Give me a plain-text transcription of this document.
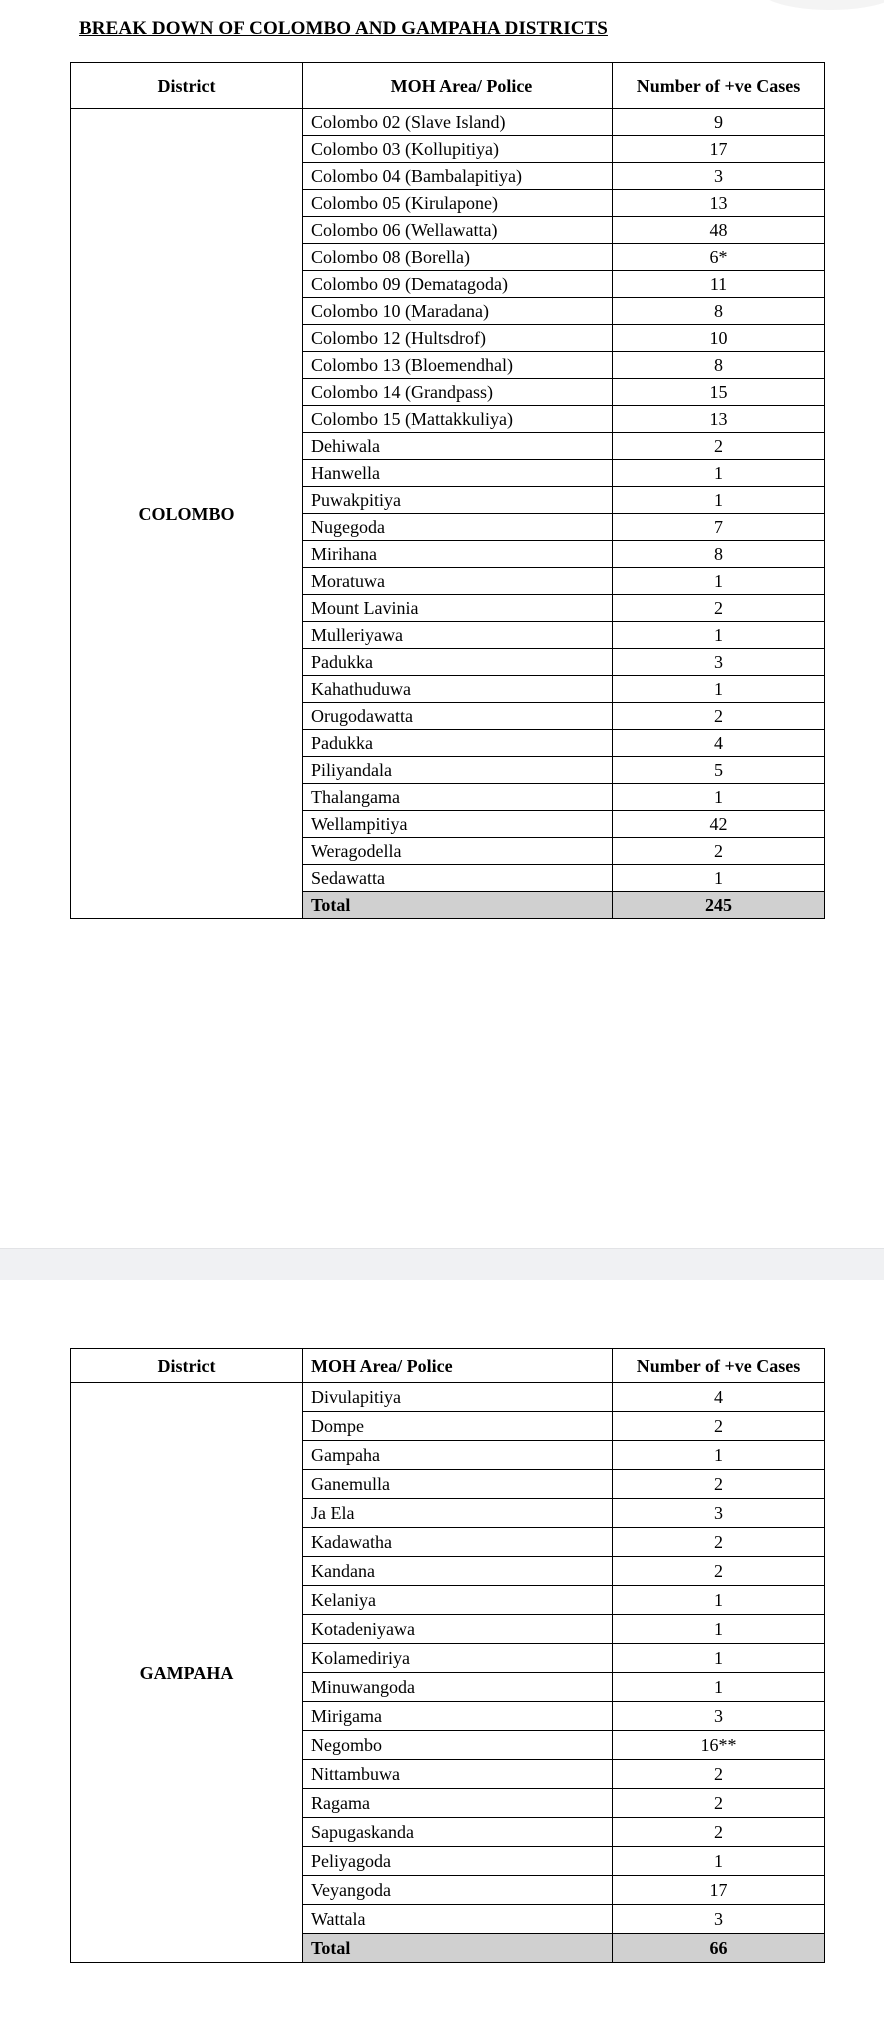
BREAK DOWN OF COLOMBO AND GAMPAHA DISTRICTS
District	MOH Area/ Police	Number of +ve Cases
COLOMBO	Colombo 02 (Slave Island)	9
	Colombo 03 (Kollupitiya)	17
	Colombo 04 (Bambalapitiya)	3
	Colombo 05 (Kirulapone)	13
	Colombo 06 (Wellawatta)	48
	Colombo 08 (Borella)	6*
	Colombo 09 (Dematagoda)	11
	Colombo 10 (Maradana)	8
	Colombo 12 (Hultsdrof)	10
	Colombo 13 (Bloemendhal)	8
	Colombo 14 (Grandpass)	15
	Colombo 15 (Mattakkuliya)	13
	Dehiwala	2
	Hanwella	1
	Puwakpitiya	1
	Nugegoda	7
	Mirihana	8
	Moratuwa	1
	Mount Lavinia	2
	Mulleriyawa	1
	Padukka	3
	Kahathuduwa	1
	Orugodawatta	2
	Padukka	4
	Piliyandala	5
	Thalangama	1
	Wellampitiya	42
	Weragodella	2
	Sedawatta	1
	Total	245
District	MOH Area/ Police	Number of +ve Cases
GAMPAHA	Divulapitiya	4
	Dompe	2
	Gampaha	1
	Ganemulla	2
	Ja Ela	3
	Kadawatha	2
	Kandana	2
	Kelaniya	1
	Kotadeniyawa	1
	Kolamediriya	1
	Minuwangoda	1
	Mirigama	3
	Negombo	16**
	Nittambuwa	2
	Ragama	2
	Sapugaskanda	2
	Peliyagoda	1
	Veyangoda	17
	Wattala	3
	Total	66
